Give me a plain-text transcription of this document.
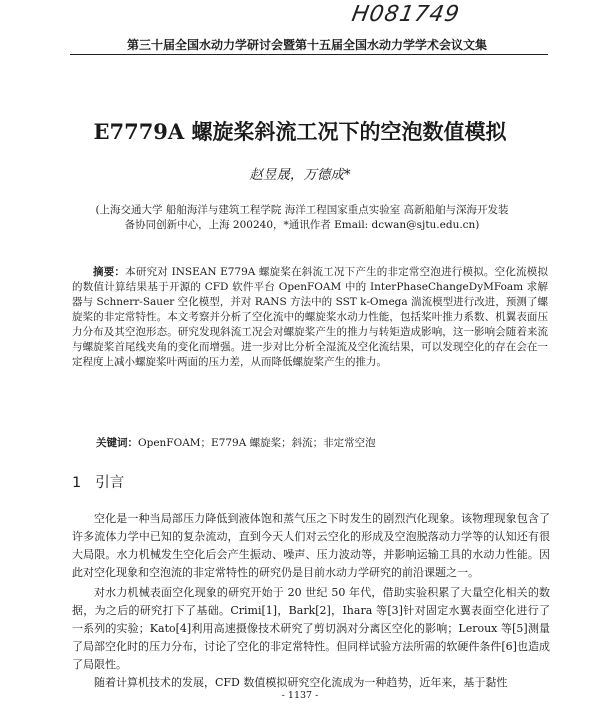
H081749
第三十届全国水动力学研讨会暨第十五届全国水动力学学术会议文集
E7779A 螺旋桨斜流工况下的空泡数值模拟
赵昱晟，万德成*
(上海交通大学 船舶海洋与建筑工程学院 海洋工程国家重点实验室 高新船舶与深海开发装备协同创新中心，上海 200240，*通讯作者 Email: dcwan@sjtu.edu.cn)
摘要：本研究对 INSEAN E779A 螺旋桨在斜流工况下产生的非定常空泡进行模拟。空化流模拟的数值计算结果基于开源的 CFD 软件平台 OpenFOAM 中的 InterPhaseChangeDyMFoam 求解器与 Schnerr-Sauer 空化模型，并对 RANS 方法中的 SST k-Omega 湍流模型进行改进，预测了螺旋桨的非定常特性。本文考察并分析了空化流中的螺旋桨水动力性能，包括桨叶推力系数、机翼表面压力分布及其空泡形态。研究发现斜流工况会对螺旋桨产生的推力与转矩造成影响，这一影响会随着来流与螺旋桨首尾线夹角的变化而增强。进一步对比分析全湿流及空化流结果，可以发现空化的存在会在一定程度上减小螺旋桨叶两面的压力差，从而降低螺旋桨产生的推力。
关键词：OpenFOAM；E779A 螺旋桨；斜流；非定常空泡
1 引言

空化是一种当局部压力降低到液体饱和蒸气压之下时发生的剧烈汽化现象。该物理现象包含了许多流体力学中已知的复杂流动，直到今天人们对云空化的形成及空泡脱落动力学等的认知还有很大局限。水力机械发生空化后会产生振动、噪声、压力波动等，并影响运输工具的水动力性能。因此对空化现象和空泡流的非定常特性的研究仍是目前水动力学研究的前沿课题之一。

对水力机械表面空化现象的研究开始于 20 世纪 50 年代，借助实验积累了大量空化相关的数据，为之后的研究打下了基础。Crimi[1]，Bark[2]，Ihara 等[3]针对固定水翼表面空化进行了一系列的实验；Kato[4]利用高速摄像技术研究了剪切涡对分离区空化的影响；Leroux 等[5]测量了局部空化时的压力分布，讨论了空化的非定常特性。但同样试验方法所需的软硬件条件[6]也造成了局限性。

随着计算机技术的发展，CFD 数值模拟研究空化流成为一种趋势，近年来，基于黏性

- 1137 -
